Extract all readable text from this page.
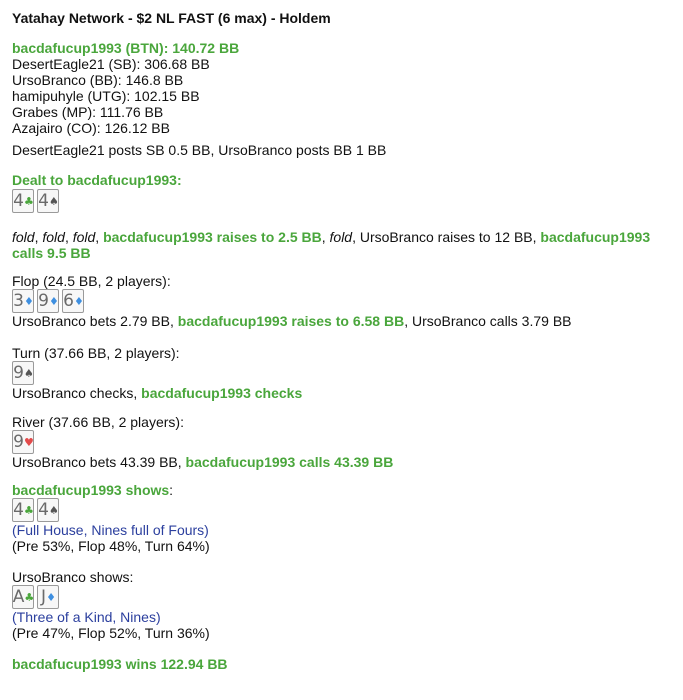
Yatahay Network - $2 NL FAST (6 max) - Holdem
bacdafucup1993 (BTN): 140.72 BB
DesertEagle21 (SB): 306.68 BB
UrsoBranco (BB): 146.8 BB
hamipuhyle (UTG): 102.15 BB
Grabes (MP): 111.76 BB
Azajairo (CO): 126.12 BB
DesertEagle21 posts SB 0.5 BB, UrsoBranco posts BB 1 BB
Dealt to bacdafucup1993:
4 ♣ 4 ♠
fold, fold, fold, bacdafucup1993 raises to 2.5 BB, fold, UrsoBranco raises to 12 BB, bacdafucup1993
calls 9.5 BB
Flop (24.5 BB, 2 players):
3 ♦ 9 ♦ 6 ♦
UrsoBranco bets 2.79 BB, bacdafucup1993 raises to 6.58 BB, UrsoBranco calls 3.79 BB
Turn (37.66 BB, 2 players):
9 ♠
UrsoBranco checks, bacdafucup1993 checks
River (37.66 BB, 2 players):
9 ♥
UrsoBranco bets 43.39 BB, bacdafucup1993 calls 43.39 BB
bacdafucup1993 shows:
4 ♣ 4 ♠
(Full House, Nines full of Fours)
(Pre 53%, Flop 48%, Turn 64%)
UrsoBranco shows:
A ♣ J ♦
(Three of a Kind, Nines)
(Pre 47%, Flop 52%, Turn 36%)
bacdafucup1993 wins 122.94 BB
